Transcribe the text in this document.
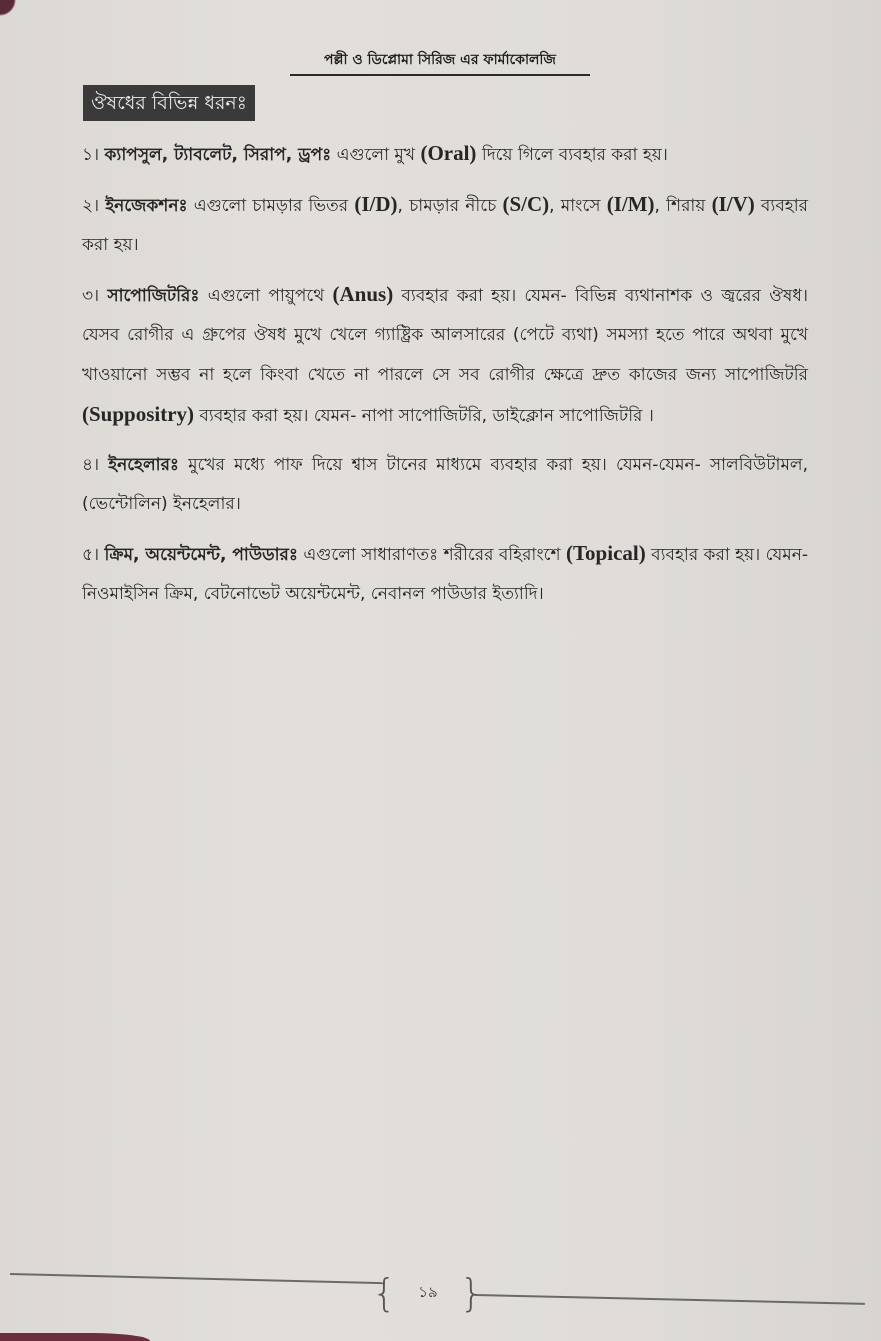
পল্লী ও ডিপ্লোমা সিরিজ এর ফার্মাকোলজি
ঔষধের বিভিন্ন ধরনঃ

১। ক্যাপসুল, ট্যাবলেট, সিরাপ, ড্রপঃ এগুলো মুখ (Oral) দিয়ে গিলে ব্যবহার করা হয়।

২। ইনজেকশনঃ এগুলো চামড়ার ভিতর (I/D), চামড়ার নীচে (S/C), মাংসে (I/M), শিরায় (I/V) ব্যবহার করা হয়।

৩। সাপোজিটরিঃ এগুলো পায়ুপথে (Anus) ব্যবহার করা হয়। যেমন- বিভিন্ন ব্যথানাশক ও জ্বরের ঔষধ। যেসব রোগীর এ গ্রুপের ঔষধ মুখে খেলে গ্যাষ্ট্রিক আলসারের (পেটে ব্যথা) সমস্যা হতে পারে অথবা মুখে খাওয়ানো সম্ভব না হলে কিংবা খেতে না পারলে সে সব রোগীর ক্ষেত্রে দ্রুত কাজের জন্য সাপোজিটরি (Suppositry) ব্যবহার করা হয়। যেমন- নাপা সাপোজিটরি, ডাইক্লোন সাপোজিটরি ।

৪। ইনহেলারঃ মুখের মধ্যে পাফ দিয়ে শ্বাস টানের মাধ্যমে ব্যবহার করা হয়। যেমন-যেমন- সালবিউটামল, (ভেন্টোলিন) ইনহেলার।

৫। ক্রিম, অয়েন্টমেন্ট, পাউডারঃ এগুলো সাধারাণতঃ শরীরের বহিরাংশে (Topical) ব্যবহার করা হয়। যেমন- নিওমাইসিন ক্রিম, বেটনোভেট অয়েন্টমেন্ট, নেবানল পাউডার ইত্যাদি।

{ ১৯ }
